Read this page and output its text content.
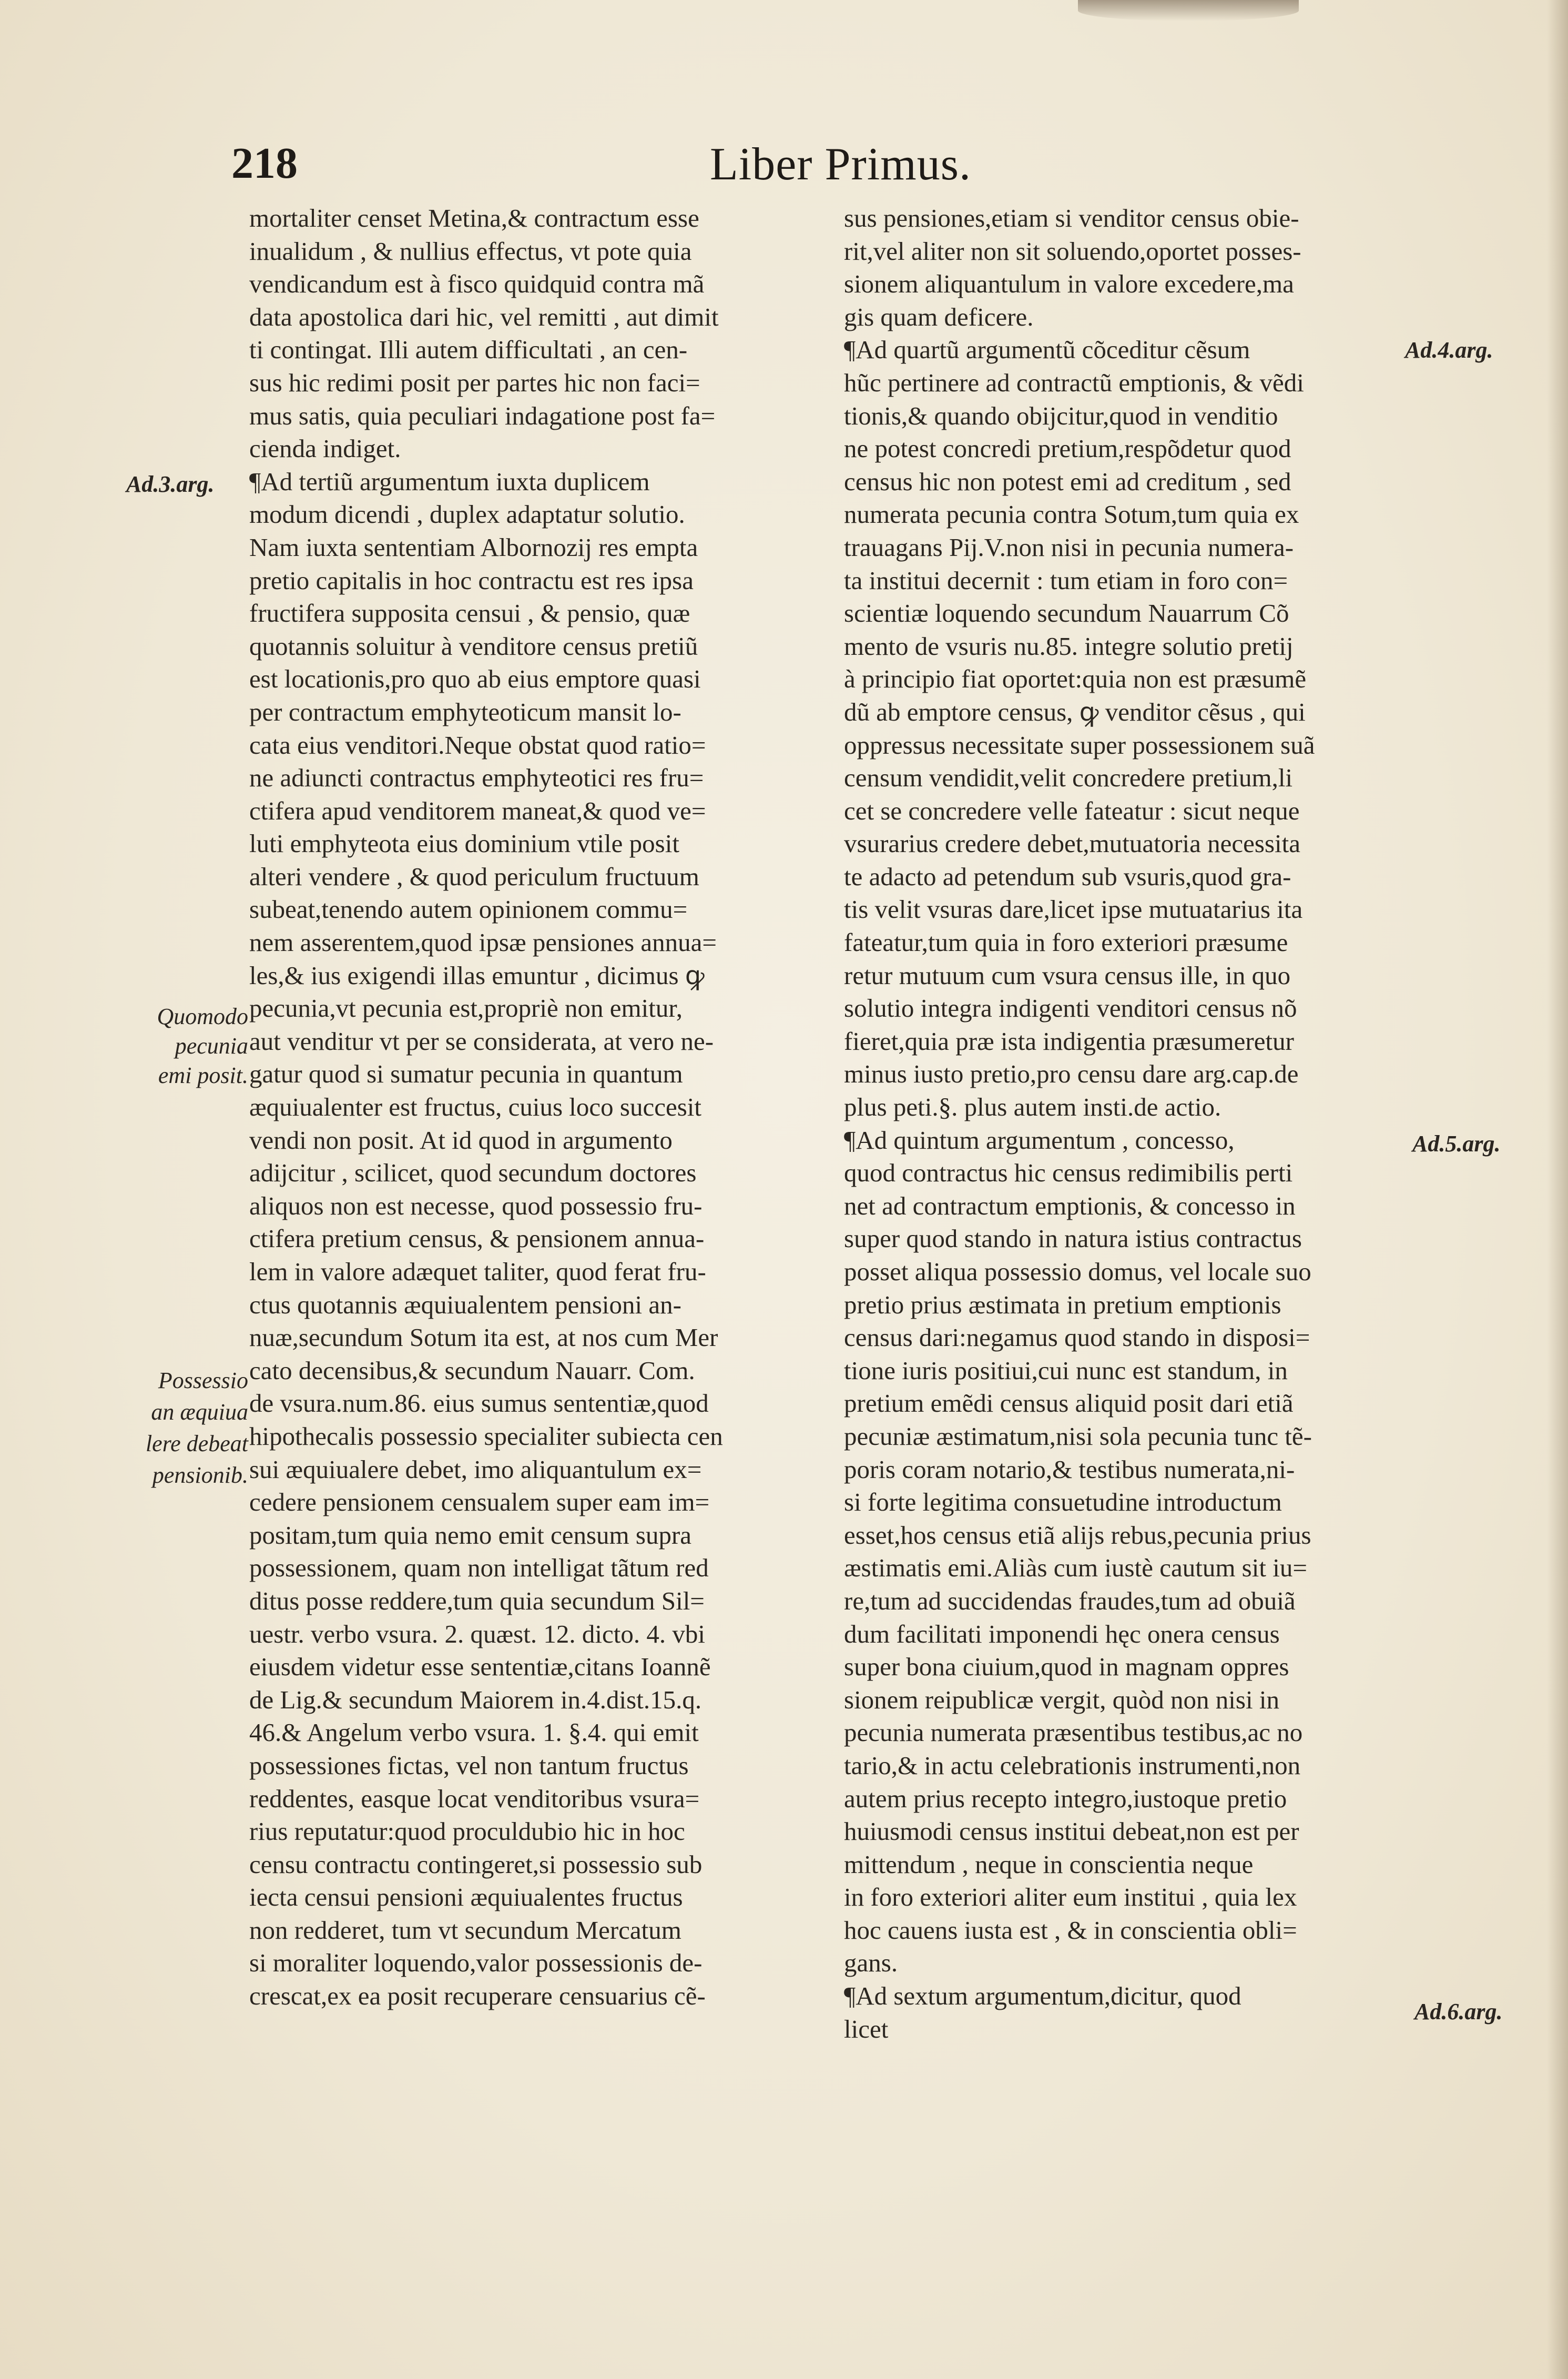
218	Liber Primus.
Ad.3.arg.
Quomodo
pecunia
emi posit.
Possessio
an æquiua
lere debeat
pensionib.
Ad.4.arg.
Ad.5.arg.
Ad.6.arg.
mortaliter censet Metina,& contractum esse
inualidum , & nullius effectus, vt pote quia
vendicandum est à fisco quidquid contra mã
data apostolica dari hic, vel remitti , aut dimit
ti contingat. Illi autem difficultati , an cen-
sus hic redimi posit per partes hic non faci=
mus satis, quia peculiari indagatione post fa=
cienda indiget.
¶Ad tertiũ argumentum iuxta duplicem
modum dicendi , duplex adaptatur solutio.
Nam iuxta sententiam Albornozij res empta
pretio capitalis in hoc contractu est res ipsa
fructifera supposita censui , & pensio, quæ
quotannis soluitur à venditore census pretiũ
est locationis,pro quo ab eius emptore quasi
per contractum emphyteoticum mansit lo-
cata eius venditori.Neque obstat quod ratio=
ne adiuncti contractus emphyteotici res fru=
ctifera apud venditorem maneat,& quod ve=
luti emphyteota eius dominium vtile posit
alteri vendere , & quod periculum fructuum
subeat,tenendo autem opinionem commu=
nem asserentem,quod ipsæ pensiones annua=
les,& ius exigendi illas emuntur , dicimus ꝙ
pecunia,vt pecunia est,propriè non emitur,
aut venditur vt per se considerata, at vero ne-
gatur quod si sumatur pecunia in quantum
æquiualenter est fructus, cuius loco succesit
vendi non posit. At id quod in argumento
adijcitur , scilicet, quod secundum doctores
aliquos non est necesse, quod possessio fru-
ctifera pretium census, & pensionem annua-
lem in valore adæquet taliter, quod ferat fru-
ctus quotannis æquiualentem pensioni an-
nuæ,secundum Sotum ita est, at nos cum Mer
cato decensibus,& secundum Nauarr. Com.
de vsura.num.86. eius sumus sententiæ,quod
hipothecalis possessio specialiter subiecta cen
sui æquiualere debet, imo aliquantulum ex=
cedere pensionem censualem super eam im=
positam,tum quia nemo emit censum supra
possessionem, quam non intelligat tãtum red
ditus posse reddere,tum quia secundum Sil=
uestr. verbo vsura. 2. quæst. 12. dicto. 4. vbi
eiusdem videtur esse sententiæ,citans Ioannẽ
de Lig.& secundum Maiorem in.4.dist.15.q.
46.& Angelum verbo vsura. 1. §.4. qui emit
possessiones fictas, vel non tantum fructus
reddentes, easque locat venditoribus vsura=
rius reputatur:quod proculdubio hic in hoc
censu contractu contingeret,si possessio sub
iecta censui pensioni æquiualentes fructus
non redderet, tum vt secundum Mercatum
si moraliter loquendo,valor possessionis de-
crescat,ex ea posit recuperare censuarius cẽ-
sus pensiones,etiam si venditor census obie-
rit,vel aliter non sit soluendo,oportet posses-
sionem aliquantulum in valore excedere,ma
gis quam deficere.
¶Ad quartũ argumentũ cõceditur cẽsum
hũc pertinere ad contractũ emptionis, & vẽdi
tionis,& quando obijcitur,quod in venditio
ne potest concredi pretium,respõdetur quod
census hic non potest emi ad creditum , sed
numerata pecunia contra Sotum,tum quia ex
trauagans Pij.V.non nisi in pecunia numera-
ta institui decernit : tum etiam in foro con=
scientiæ loquendo secundum Nauarrum Cõ
mento de vsuris nu.85. integre solutio pretij
à principio fiat oportet:quia non est præsumẽ
dũ ab emptore census, ꝙ venditor cẽsus , qui
oppressus necessitate super possessionem suã
censum vendidit,velit concredere pretium,li
cet se concredere velle fateatur : sicut neque
vsurarius credere debet,mutuatoria necessita
te adacto ad petendum sub vsuris,quod gra-
tis velit vsuras dare,licet ipse mutuatarius ita
fateatur,tum quia in foro exteriori præsume
retur mutuum cum vsura census ille, in quo
solutio integra indigenti venditori census nõ
fieret,quia præ ista indigentia præsumeretur
minus iusto pretio,pro censu dare arg.cap.de
plus peti.§. plus autem insti.de actio.
¶Ad quintum argumentum , concesso,
quod contractus hic census redimibilis perti
net ad contractum emptionis, & concesso in
super quod stando in natura istius contractus
posset aliqua possessio domus, vel locale suo
pretio prius æstimata in pretium emptionis
census dari:negamus quod stando in disposi=
tione iuris positiui,cui nunc est standum, in
pretium emẽdi census aliquid posit dari etiã
pecuniæ æstimatum,nisi sola pecunia tunc tẽ-
poris coram notario,& testibus numerata,ni-
si forte legitima consuetudine introductum
esset,hos census etiã alijs rebus,pecunia prius
æstimatis emi.Aliàs cum iustè cautum sit iu=
re,tum ad succidendas fraudes,tum ad obuiã
dum facilitati imponendi hęc onera census
super bona ciuium,quod in magnam oppres
sionem reipublicæ vergit, quòd non nisi in
pecunia numerata præsentibus testibus,ac no
tario,& in actu celebrationis instrumenti,non
autem prius recepto integro,iustoque pretio
huiusmodi census institui debeat,non est per
mittendum , neque in conscientia neque
in foro exteriori aliter eum institui , quia lex
hoc cauens iusta est , & in conscientia obli=
gans.
¶Ad sextum argumentum,dicitur, quod
licet
